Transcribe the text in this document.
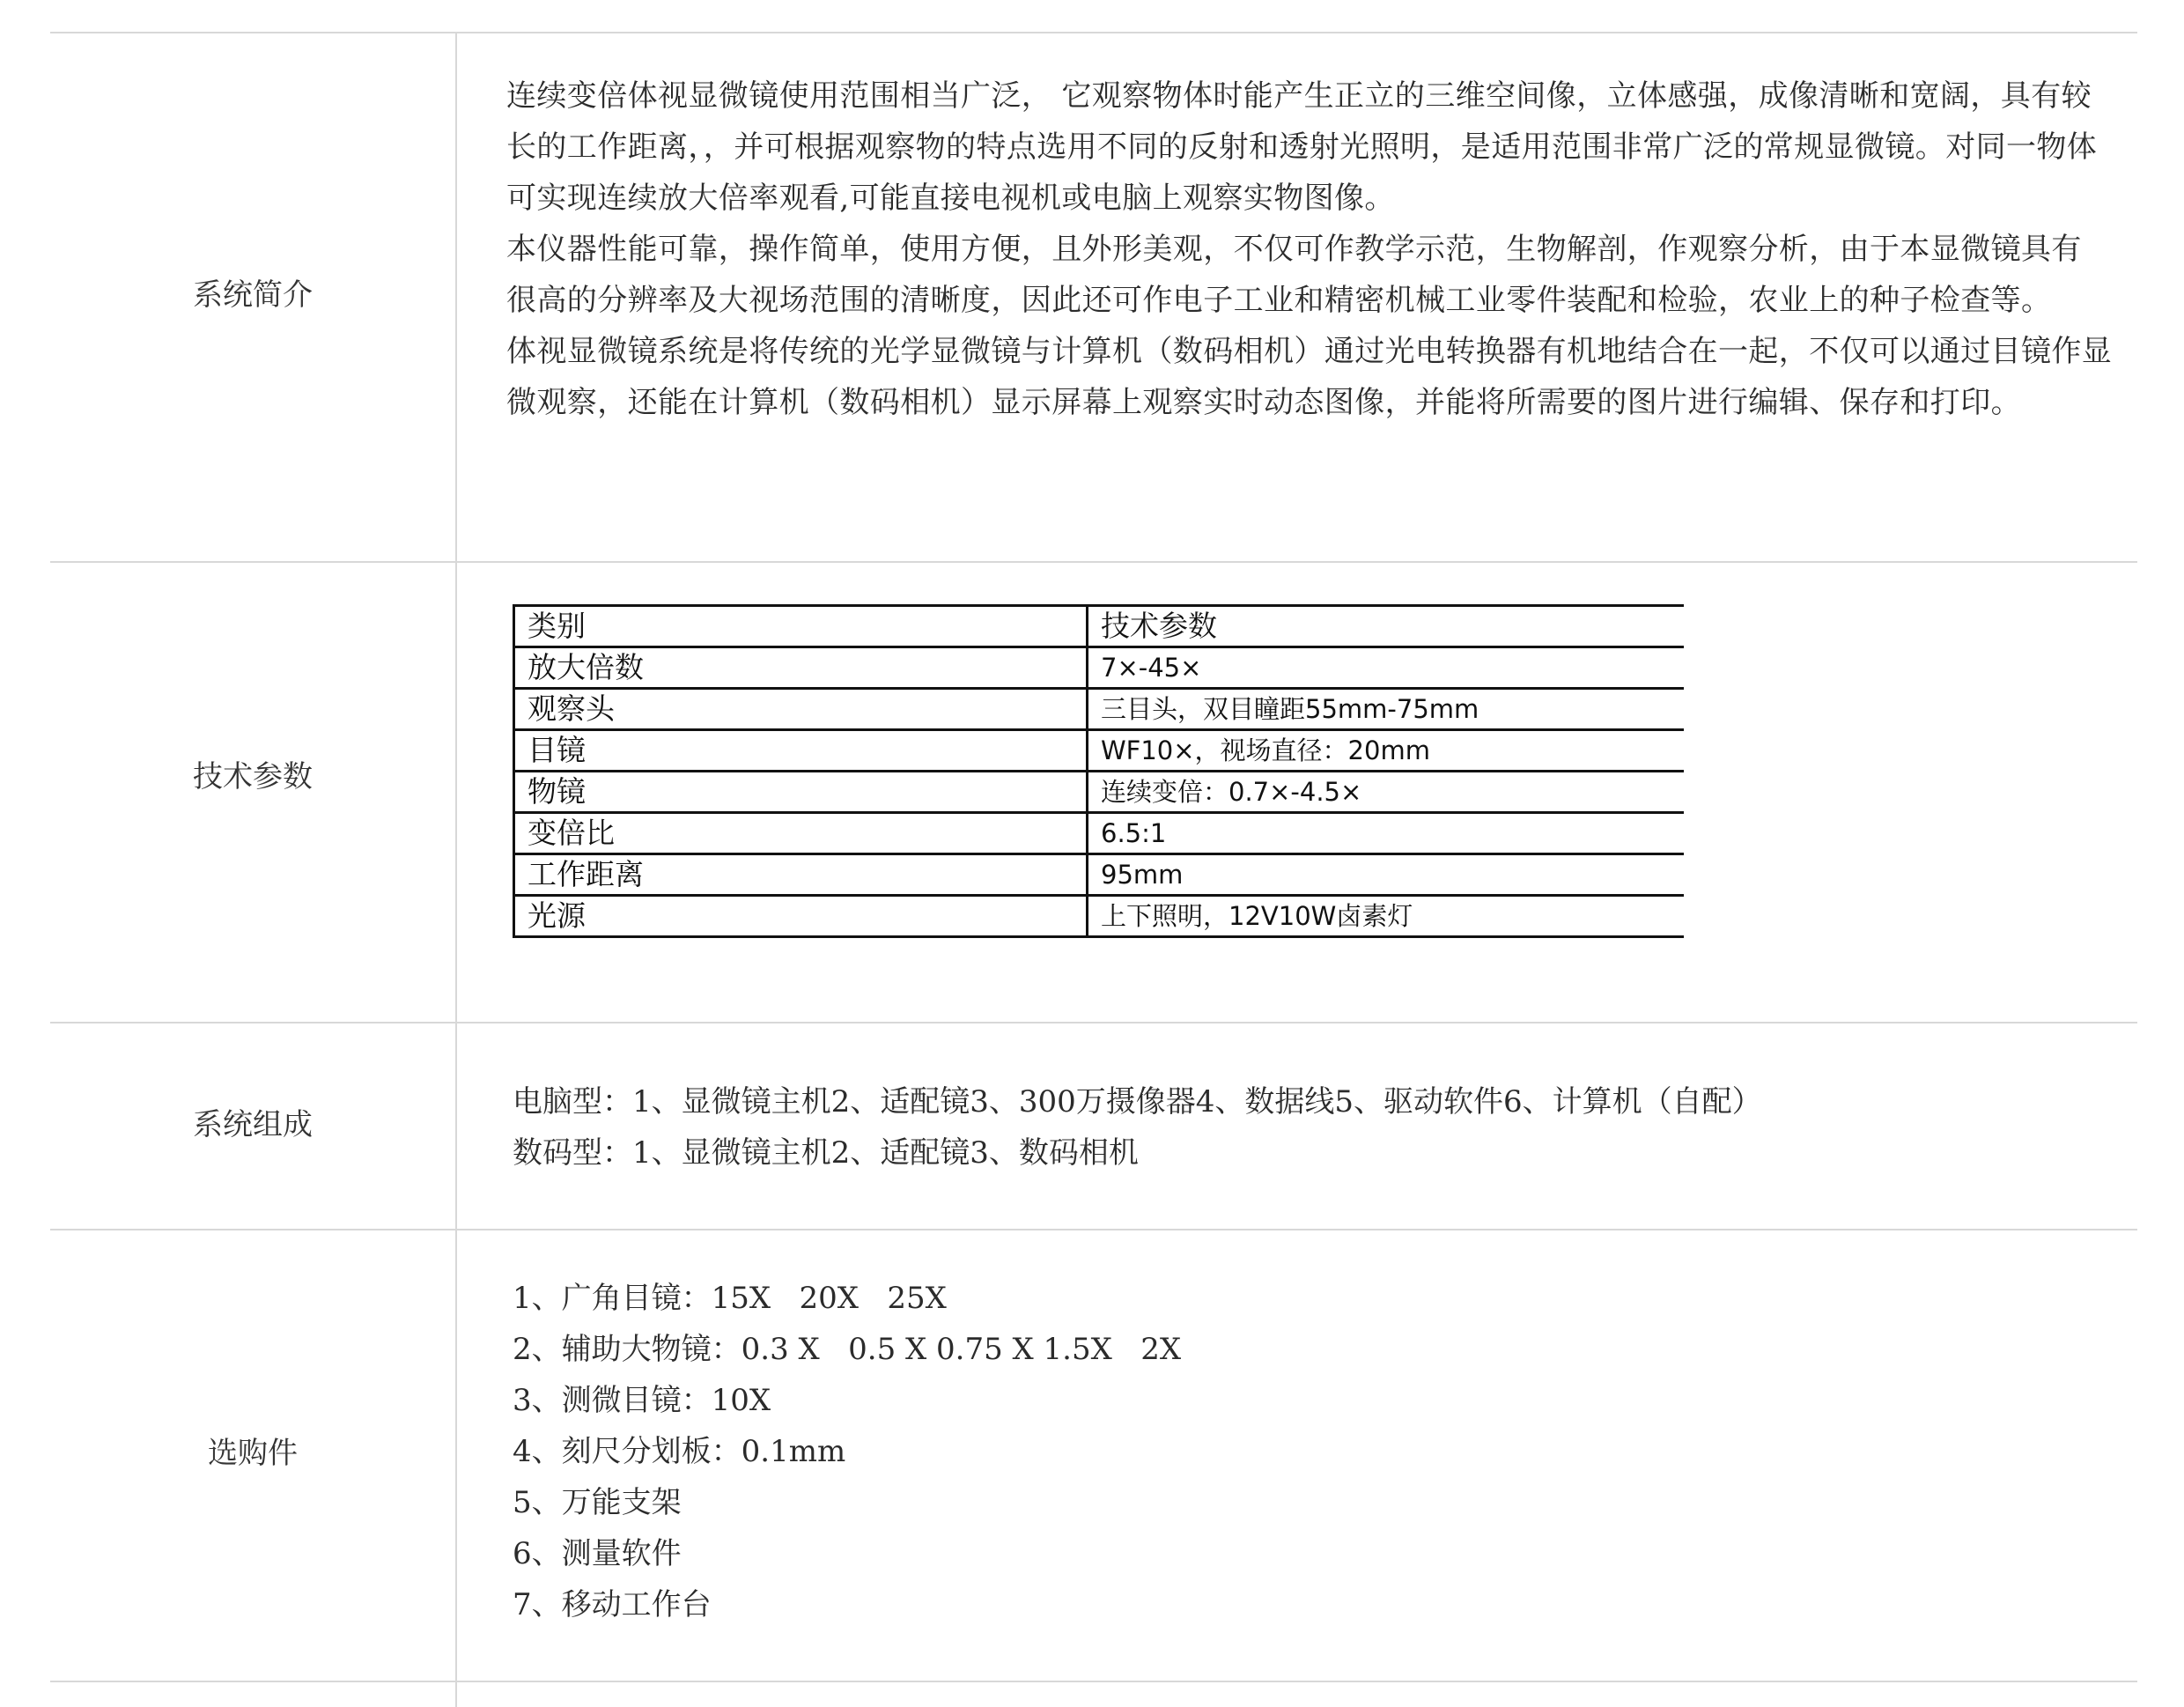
系统简介

连续变倍体视显微镜使用范围相当广泛， 它观察物体时能产生正立的三维空间像，立体感强，成像清晰和宽阔，具有较长的工作距离，，并可根据观察物的特点选用不同的反射和透射光照明，是适用范围非常广泛的常规显微镜。对同一物体可实现连续放大倍率观看,可能直接电视机或电脑上观察实物图像。

本仪器性能可靠，操作简单，使用方便，且外形美观，不仅可作教学示范，生物解剖，作观察分析，由于本显微镜具有 很高的分辨率及大视场范围的清晰度，因此还可作电子工业和精密机械工业零件装配和检验，农业上的种子检查等。

体视显微镜系统是将传统的光学显微镜与计算机（数码相机）通过光电转换器有机地结合在一起，不仅可以通过目镜作显微观察，还能在计算机（数码相机）显示屏幕上观察实时动态图像，并能将所需要的图片进行编辑、保存和打印。

技术参数
类别	技术参数
放大倍数	7×-45×
观察头	三目头，双目瞳距55mm-75mm
目镜	WF10×，视场直径：20mm
物镜	连续变倍：0.7×-4.5×
变倍比	6.5:1
工作距离	95mm
光源	上下照明，12V10W卤素灯
系统组成
电脑型：1、显微镜主机2、适配镜3、300万摄像器4、数据线5、驱动软件6、计算机（自配）
数码型：1、显微镜主机2、适配镜3、数码相机
选购件
1、广角目镜：15X   20X   25X
2、辅助大物镜：0.3 X   0.5 X 0.75 X 1.5X   2X
3、测微目镜：10X
4、刻尺分划板：0.1mm
5、万能支架
6、测量软件
7、移动工作台
